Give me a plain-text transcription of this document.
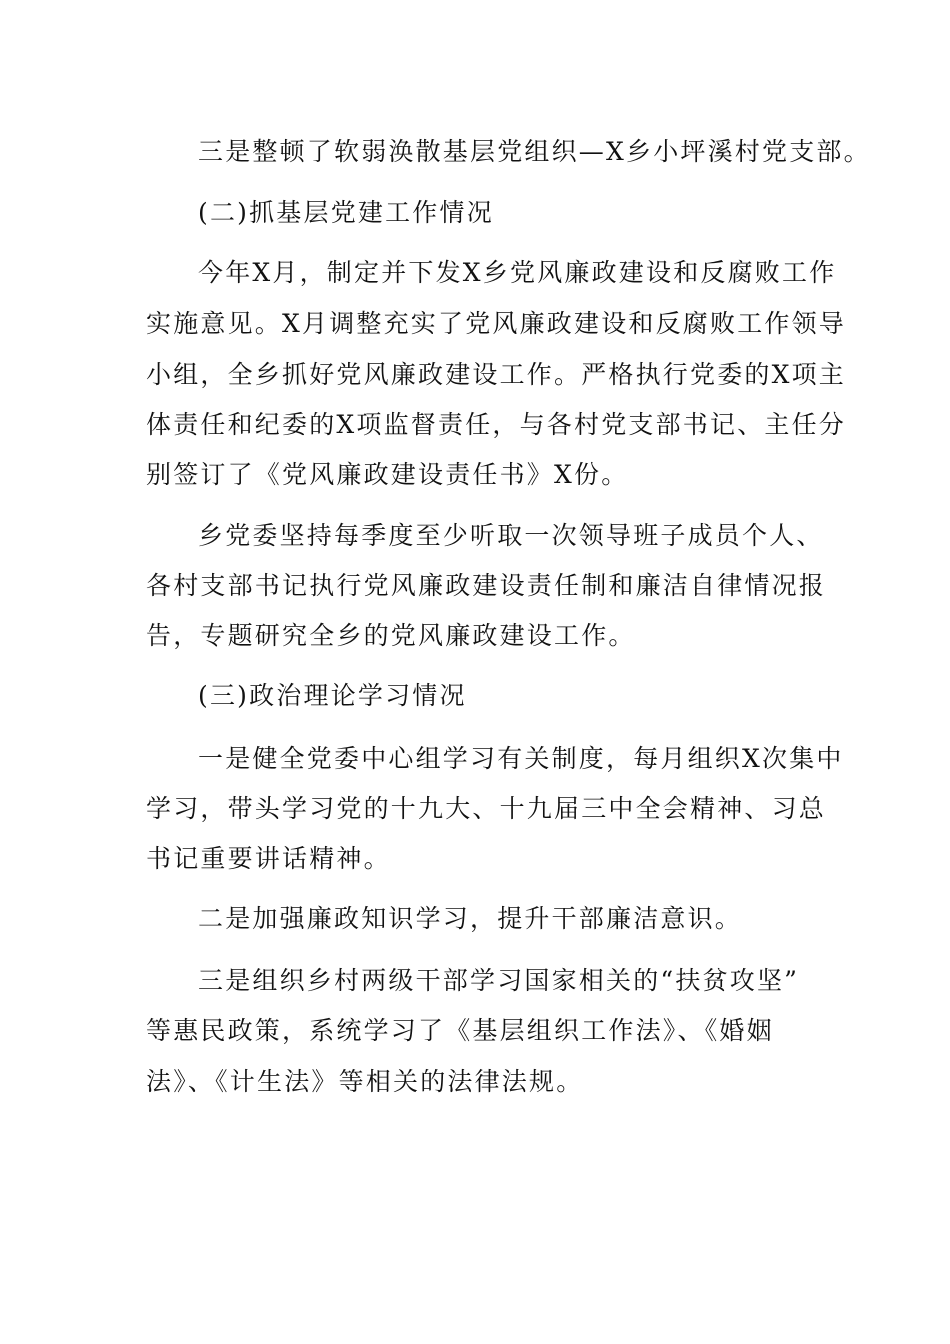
三是整顿了软弱涣散基层党组织—X乡小坪溪村党支部。

(二)抓基层党建工作情况

今年X月，制定并下发X乡党风廉政建设和反腐败工作

实施意见。X月调整充实了党风廉政建设和反腐败工作领导

小组，全乡抓好党风廉政建设工作。严格执行党委的X项主

体责任和纪委的X项监督责任，与各村党支部书记、主任分

别签订了《党风廉政建设责任书》X份。

乡党委坚持每季度至少听取一次领导班子成员个人、

各村支部书记执行党风廉政建设责任制和廉洁自律情况报

告，专题研究全乡的党风廉政建设工作。

(三)政治理论学习情况

一是健全党委中心组学习有关制度，每月组织X次集中

学习，带头学习党的十九大、十九届三中全会精神、习总

书记重要讲话精神。

二是加强廉政知识学习，提升干部廉洁意识。

三是组织乡村两级干部学习国家相关的“扶贫攻坚”

等惠民政策，系统学习了《基层组织工作法》、《婚姻

法》、《计生法》等相关的法律法规。
